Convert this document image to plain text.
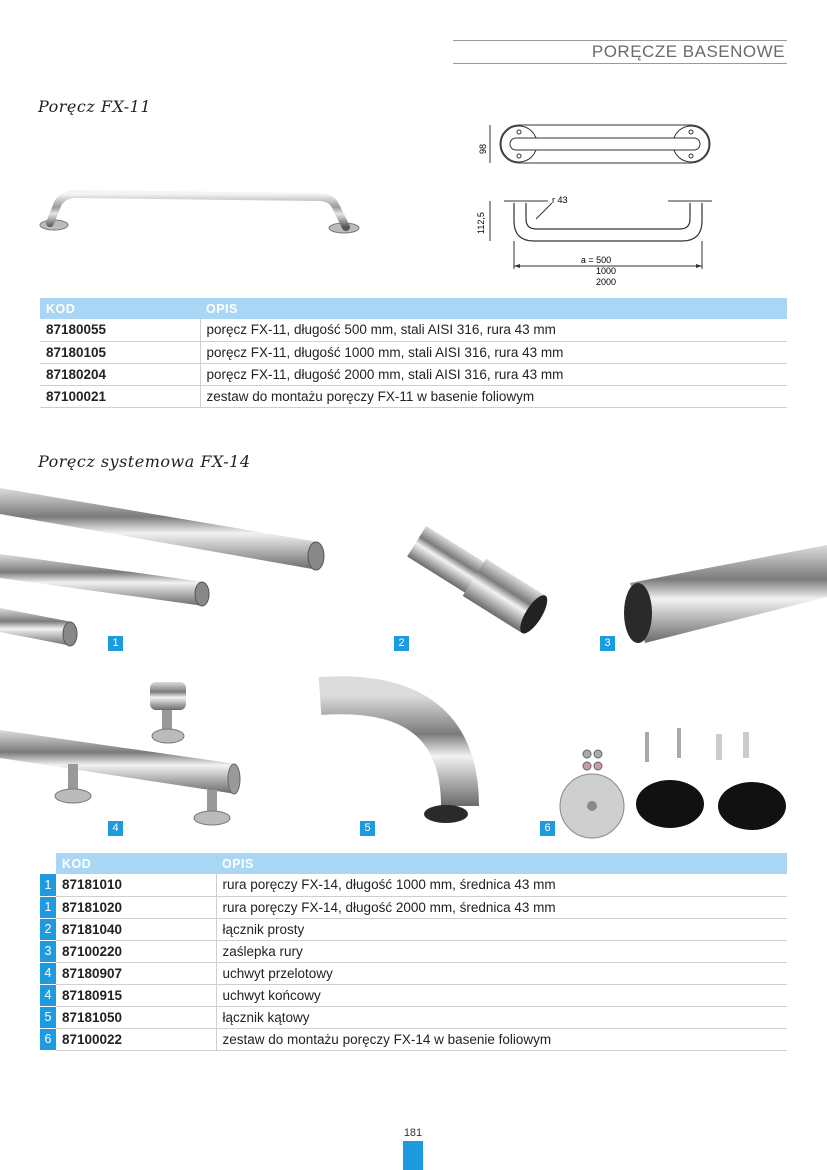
PORĘCZE BASENOWE
Poręcz FX-11
98
112,5
r 43
a = 500
1000
2000
KOD	OPIS
87180055	poręcz FX-11, długość 500 mm, stali AISI 316, rura 43 mm
87180105	poręcz FX-11, długość 1000 mm, stali AISI 316, rura 43 mm
87180204	poręcz FX-11, długość 2000 mm, stali AISI 316, rura 43 mm
87100021	zestaw do montażu poręczy FX-11 w basenie foliowym
Poręcz systemowa FX-14
1	2	3
4	5	6
	KOD	OPIS
1	87181010	rura poręczy FX-14, długość 1000 mm, średnica 43 mm
1	87181020	rura poręczy FX-14, długość 2000 mm, średnica 43 mm
2	87181040	łącznik prosty
3	87100220	zaślepka rury
4	87180907	uchwyt przelotowy
4	87180915	uchwyt końcowy
5	87181050	łącznik kątowy
6	87100022	zestaw do montażu poręczy FX-14 w basenie foliowym
181
